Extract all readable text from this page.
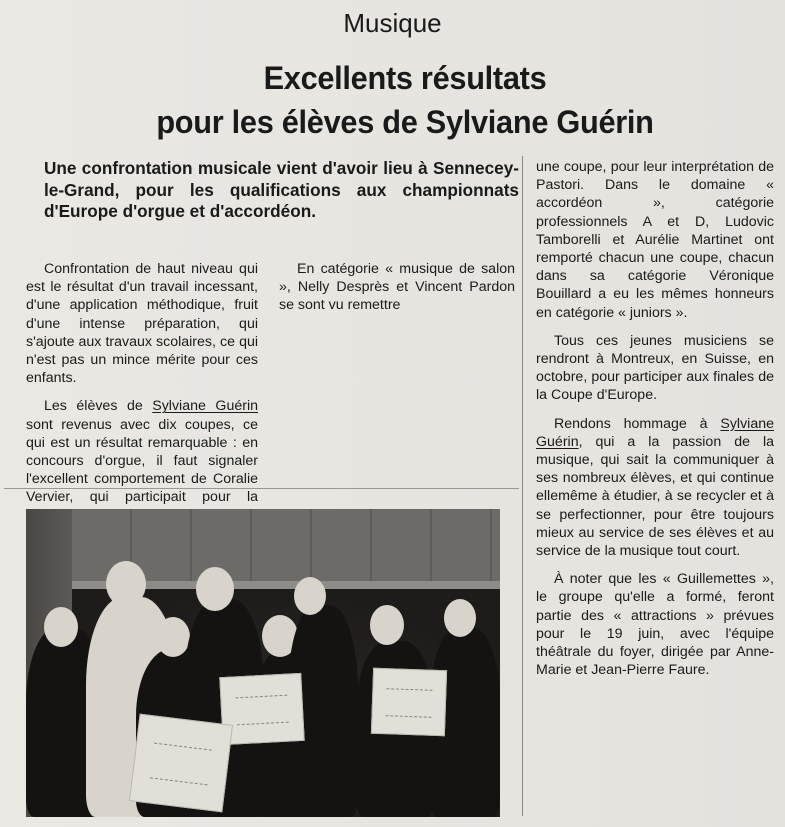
Musique
Excellents résultats
pour les élèves de Sylviane Guérin
Une confrontation musicale vient d'avoir lieu à Sennecey-le-Grand, pour les qualifications aux championnats d'Europe d'orgue et d'accordéon.

Confrontation de haut niveau qui est le résultat d'un travail incessant, d'une application méthodique, fruit d'une intense préparation, qui s'ajoute aux travaux scolaires, ce qui n'est pas un mince mérite pour ces enfants.

Les élèves de Sylviane Guérin sont revenus avec dix coupes, ce qui est un résultat remarquable : en concours d'orgue, il faut signaler l'excellent comportement de Coralie Vervier, qui participait pour la

En catégorie « musique de salon », Nelly Desprès et Vincent Pardon se sont vu remettre

une coupe, pour leur interprétation de Pastori. Dans le domaine « accordéon », catégorie professionnels A et D, Ludovic Tamborelli et Aurélie Martinet ont remporté chacun une coupe, chacun dans sa catégorie Véronique Bouillard a eu les mêmes honneurs en catégorie « juniors ».

Tous ces jeunes musiciens se rendront à Montreux, en Suisse, en octobre, pour participer aux finales de la Coupe d'Europe.

Rendons hommage à Sylviane Guérin, qui a la passion de la musique, qui sait la communiquer à ses nombreux élèves, et qui continue ellemême à étudier, à se recycler et à se perfectionner, pour être toujours mieux au service de ses élèves et au service de la musique tout court.

À noter que les « Guillemettes », le groupe qu'elle a formé, feront partie des « attractions » prévues pour le 19 juin, avec l'équipe théâtrale du foyer, dirigée par Anne-Marie et Jean-Pierre Faure.
